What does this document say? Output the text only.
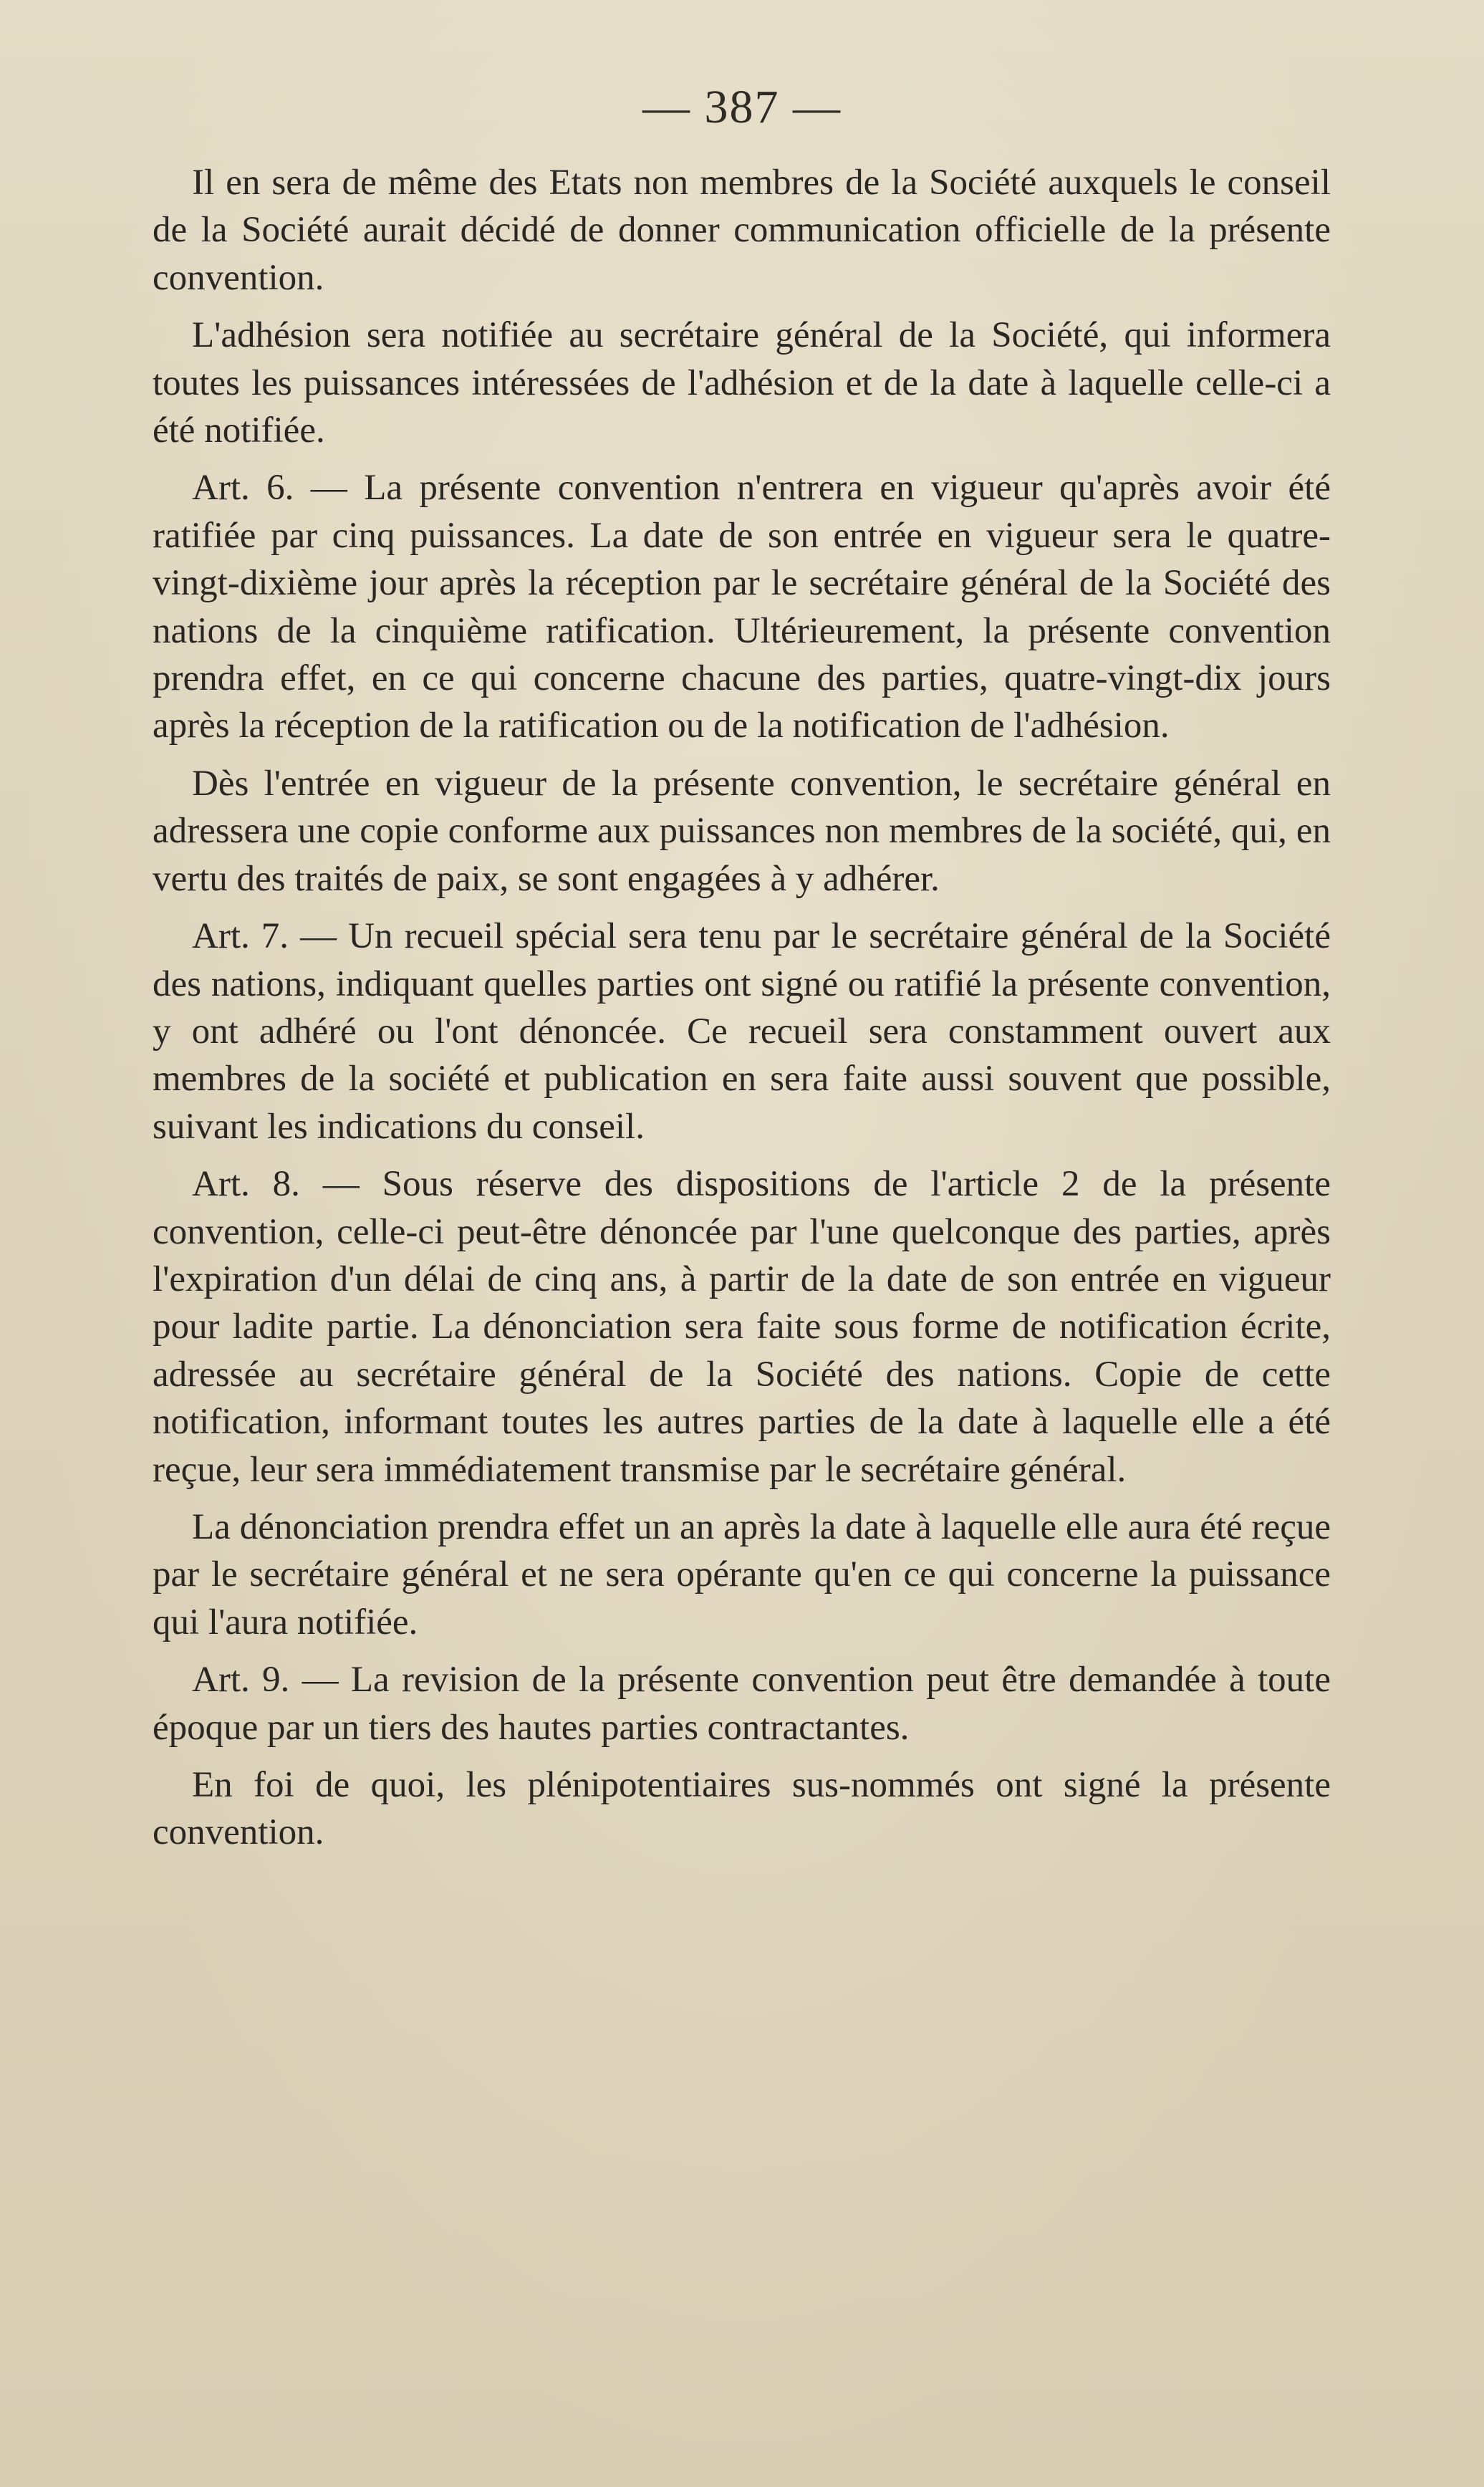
— 387 —

Il en sera de même des Etats non membres de la Société auxquels le conseil de la Société aurait décidé de donner communication officielle de la présente convention.

L'adhésion sera notifiée au secrétaire général de la Société, qui informera toutes les puissances intéressées de l'adhésion et de la date à laquelle celle-ci a été notifiée.

Art. 6. — La présente convention n'entrera en vigueur qu'après avoir été ratifiée par cinq puissances. La date de son entrée en vigueur sera le quatre-vingt-dixième jour après la réception par le secrétaire général de la Société des nations de la cinquième ratification. Ultérieurement, la présente convention prendra effet, en ce qui concerne chacune des parties, quatre-vingt-dix jours après la réception de la ratification ou de la notification de l'adhésion.

Dès l'entrée en vigueur de la présente convention, le secrétaire général en adressera une copie conforme aux puissances non membres de la société, qui, en vertu des traités de paix, se sont engagées à y adhérer.

Art. 7. — Un recueil spécial sera tenu par le secrétaire général de la Société des nations, indiquant quelles parties ont signé ou ratifié la présente convention, y ont adhéré ou l'ont dénoncée. Ce recueil sera constamment ouvert aux membres de la société et publication en sera faite aussi souvent que possible, suivant les indications du conseil.

Art. 8. — Sous réserve des dispositions de l'article 2 de la présente convention, celle-ci peut-être dénoncée par l'une quelconque des parties, après l'expiration d'un délai de cinq ans, à partir de la date de son entrée en vigueur pour ladite partie. La dénonciation sera faite sous forme de notification écrite, adressée au secrétaire général de la Société des nations. Copie de cette notification, informant toutes les autres parties de la date à laquelle elle a été reçue, leur sera immédiatement transmise par le secrétaire général.

La dénonciation prendra effet un an après la date à laquelle elle aura été reçue par le secrétaire général et ne sera opérante qu'en ce qui concerne la puissance qui l'aura notifiée.

Art. 9. — La revision de la présente convention peut être demandée à toute époque par un tiers des hautes parties contractantes.

En foi de quoi, les plénipotentiaires sus-nommés ont signé la présente convention.
